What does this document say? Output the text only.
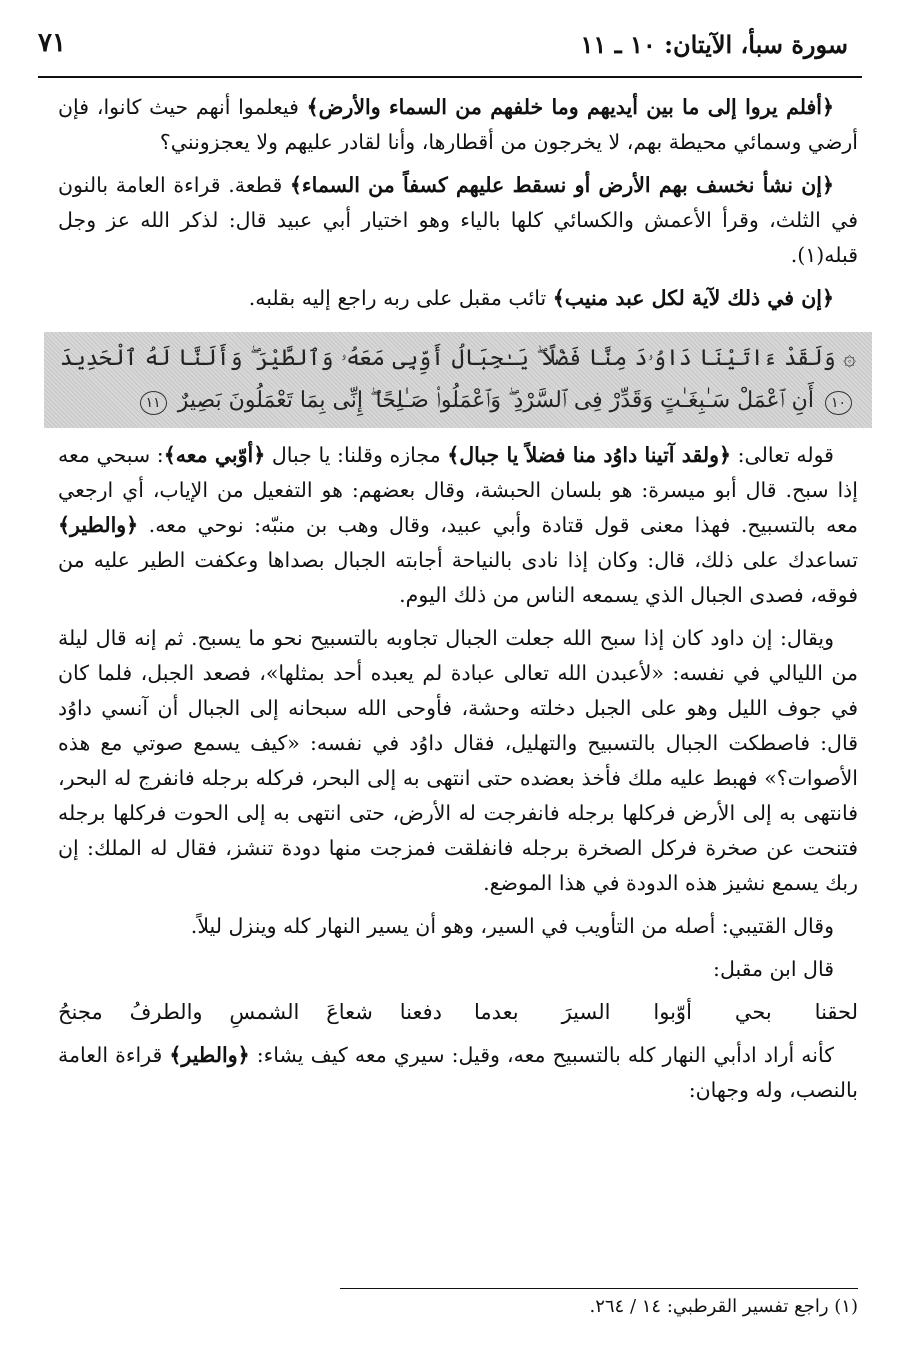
سورة سبأ، الآيتان: ١٠ ـ ١١
٧١

﴿أفلم يروا إلى ما بين أيديهم وما خلفهم من السماء والأرض﴾ فيعلموا أنهم حيث كانوا، فإن أرضي وسمائي محيطة بهم، لا يخرجون من أقطارها، وأنا لقادر عليهم ولا يعجزونني؟

﴿إن نشأ نخسف بهم الأرض أو نسقط عليهم كسفاً من السماء﴾ قطعة. قراءة العامة بالنون في الثلث، وقرأ الأعمش والكسائي كلها بالياء وهو اختيار أبي عبيد قال: لذكر الله عز وجل قبله(١).

﴿إن في ذلك لآية لكل عبد منيب﴾ تائب مقبل على ربه راجع إليه بقلبه.

۞ وَلَقَدْ ءَاتَيْنَا دَاوُۥدَ مِنَّا فَضْلًا ۖ يَـٰجِبَالُ أَوِّبِى مَعَهُۥ وَٱلطَّيْرَ ۖ وَأَلَنَّا لَهُ ٱلْحَدِيدَ ١٠ أَنِ ٱعْمَلْ سَـٰبِغَـٰتٍ وَقَدِّرْ فِى ٱلسَّرْدِ ۖ وَٱعْمَلُوا۟ صَـٰلِحًا ۖ إِنِّى بِمَا تَعْمَلُونَ بَصِيرٌ ١١

قوله تعالى: ﴿ولقد آتينا داوُد منا فضلاً يا جبال﴾ مجازه وقلنا: يا جبال ﴿أوّبي معه﴾: سبحي معه إذا سبح. قال أبو ميسرة: هو بلسان الحبشة، وقال بعضهم: هو التفعيل من الإياب، أي ارجعي معه بالتسبيح. فهذا معنى قول قتادة وأبي عبيد، وقال وهب بن منبّه: نوحي معه. ﴿والطير﴾ تساعدك على ذلك، قال: وكان إذا نادى بالنياحة أجابته الجبال بصداها وعكفت الطير عليه من فوقه، فصدى الجبال الذي يسمعه الناس من ذلك اليوم.

ويقال: إن داود كان إذا سبح الله جعلت الجبال تجاوبه بالتسبيح نحو ما يسبح. ثم إنه قال ليلة من الليالي في نفسه: «لأعبدن الله تعالى عبادة لم يعبده أحد بمثلها»، فصعد الجبل، فلما كان في جوف الليل وهو على الجبل دخلته وحشة، فأوحى الله سبحانه إلى الجبال أن آنسي داوُد قال: فاصطكت الجبال بالتسبيح والتهليل، فقال داوُد في نفسه: «كيف يسمع صوتي مع هذه الأصوات؟» فهبط عليه ملك فأخذ بعضده حتى انتهى به إلى البحر، فركله برجله فانفرج له البحر، فانتهى به إلى الأرض فركلها برجله فانفرجت له الأرض، حتى انتهى به إلى الحوت فركلها برجله فتنحت عن صخرة فركل الصخرة برجله فانفلقت فمزجت منها دودة تنشز، فقال له الملك: إن ربك يسمع نشيز هذه الدودة في هذا الموضع.

وقال القتيبي: أصله من التأويب في السير، وهو أن يسير النهار كله وينزل ليلاً.

قال ابن مقبل:

لحقنا بحي أوّبوا السيرَ بعدما
دفعنا شعاعَ الشمسِ والطرفُ مجنحُ

كأنه أراد ادأبي النهار كله بالتسبيح معه، وقيل: سيري معه كيف يشاء: ﴿والطير﴾ قراءة العامة بالنصب، وله وجهان:

(١) راجع تفسير القرطبي: ١٤ / ٢٦٤.
